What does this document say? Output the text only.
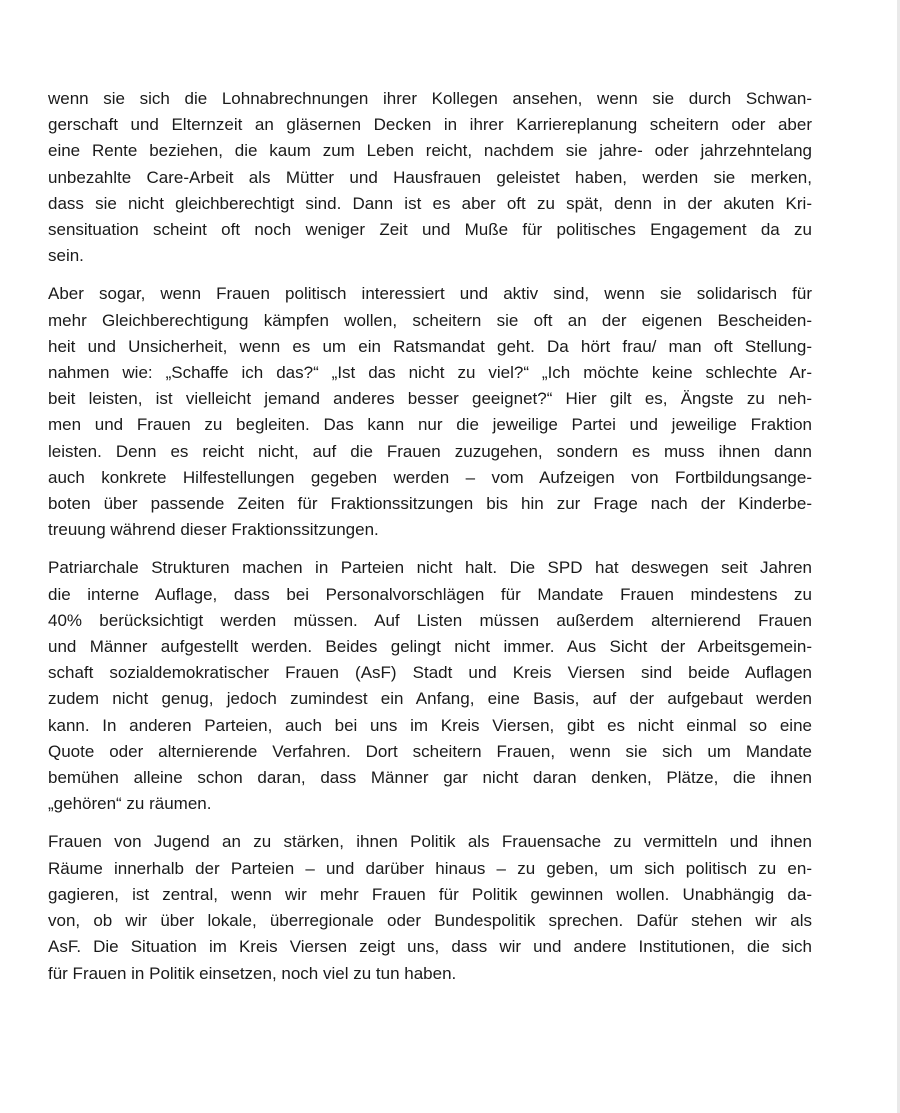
wenn sie sich die Lohnabrechnungen ihrer Kollegen ansehen, wenn sie durch Schwan-
gerschaft und Elternzeit an gläsernen Decken in ihrer Karriereplanung scheitern oder aber
eine Rente beziehen, die kaum zum Leben reicht, nachdem sie jahre- oder jahrzehntelang
unbezahlte Care-Arbeit als Mütter und Hausfrauen geleistet haben, werden sie merken,
dass sie nicht gleichberechtigt sind. Dann ist es aber oft zu spät, denn in der akuten Kri-
sensituation scheint oft noch weniger Zeit und Muße für politisches Engagement da zu
sein.

Aber sogar, wenn Frauen politisch interessiert und aktiv sind, wenn sie solidarisch für
mehr Gleichberechtigung kämpfen wollen, scheitern sie oft an der eigenen Bescheiden-
heit und Unsicherheit, wenn es um ein Ratsmandat geht. Da hört frau/ man oft Stellung-
nahmen wie: „Schaffe ich das?“ „Ist das nicht zu viel?“ „Ich möchte keine schlechte Ar-
beit leisten, ist vielleicht jemand anderes besser geeignet?“ Hier gilt es, Ängste zu neh-
men und Frauen zu begleiten. Das kann nur die jeweilige Partei und jeweilige Fraktion
leisten. Denn es reicht nicht, auf die Frauen zuzugehen, sondern es muss ihnen dann
auch konkrete Hilfestellungen gegeben werden – vom Aufzeigen von Fortbildungsange-
boten über passende Zeiten für Fraktionssitzungen bis hin zur Frage nach der Kinderbe-
treuung während dieser Fraktionssitzungen.

Patriarchale Strukturen machen in Parteien nicht halt. Die SPD hat deswegen seit Jahren
die interne Auflage, dass bei Personalvorschlägen für Mandate Frauen mindestens zu
40% berücksichtigt werden müssen. Auf Listen müssen außerdem alternierend Frauen
und Männer aufgestellt werden. Beides gelingt nicht immer. Aus Sicht der Arbeitsgemein-
schaft sozialdemokratischer Frauen (AsF) Stadt und Kreis Viersen sind beide Auflagen
zudem nicht genug, jedoch zumindest ein Anfang, eine Basis, auf der aufgebaut werden
kann. In anderen Parteien, auch bei uns im Kreis Viersen, gibt es nicht einmal so eine
Quote oder alternierende Verfahren. Dort scheitern Frauen, wenn sie sich um Mandate
bemühen alleine schon daran, dass Männer gar nicht daran denken, Plätze, die ihnen
„gehören“ zu räumen.

Frauen von Jugend an zu stärken, ihnen Politik als Frauensache zu vermitteln und ihnen
Räume innerhalb der Parteien – und darüber hinaus – zu geben, um sich politisch zu en-
gagieren, ist zentral, wenn wir mehr Frauen für Politik gewinnen wollen. Unabhängig da-
von, ob wir über lokale, überregionale oder Bundespolitik sprechen. Dafür stehen wir als
AsF. Die Situation im Kreis Viersen zeigt uns, dass wir und andere Institutionen, die sich
für Frauen in Politik einsetzen, noch viel zu tun haben.
